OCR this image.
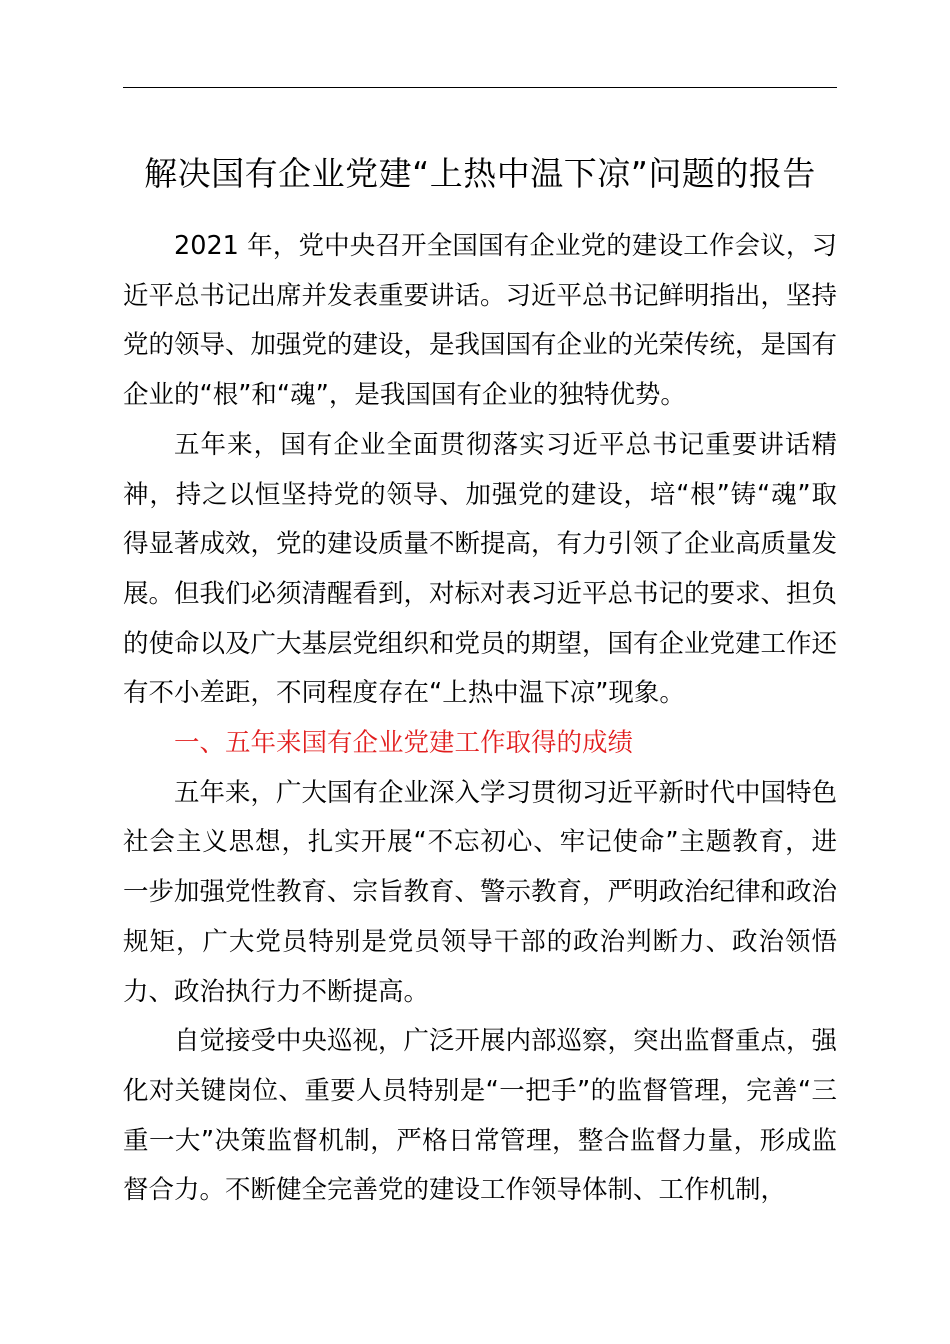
解决国有企业党建“上热中温下凉”问题的报告

2021 年，党中央召开全国国有企业党的建设工作会议，习近平总书记出席并发表重要讲话。习近平总书记鲜明指出，坚持党的领导、加强党的建设，是我国国有企业的光荣传统，是国有企业的“根”和“魂”，是我国国有企业的独特优势。

五年来，国有企业全面贯彻落实习近平总书记重要讲话精神，持之以恒坚持党的领导、加强党的建设，培“根”铸“魂”取得显著成效，党的建设质量不断提高，有力引领了企业高质量发展。但我们必须清醒看到，对标对表习近平总书记的要求、担负的使命以及广大基层党组织和党员的期望，国有企业党建工作还有不小差距，不同程度存在“上热中温下凉”现象。

一、五年来国有企业党建工作取得的成绩

五年来，广大国有企业深入学习贯彻习近平新时代中国特色社会主义思想，扎实开展“不忘初心、牢记使命”主题教育，进一步加强党性教育、宗旨教育、警示教育，严明政治纪律和政治规矩，广大党员特别是党员领导干部的政治判断力、政治领悟力、政治执行力不断提高。

自觉接受中央巡视，广泛开展内部巡察，突出监督重点，强化对关键岗位、重要人员特别是“一把手”的监督管理，完善“三重一大”决策监督机制，严格日常管理，整合监督力量，形成监督合力。不断健全完善党的建设工作领导体制、工作机制，
